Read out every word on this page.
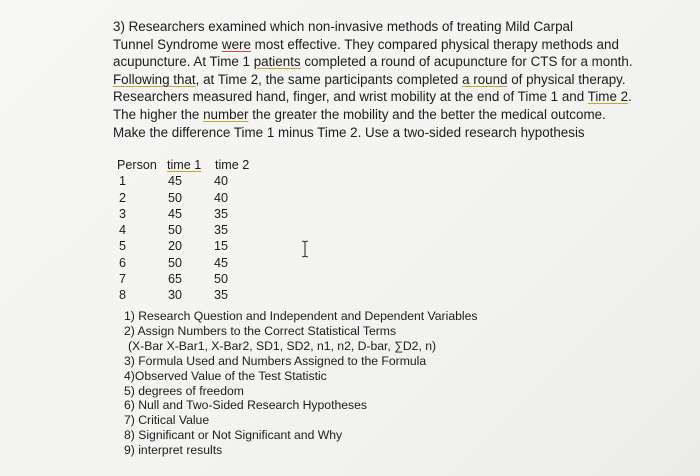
3) Researchers examined which non-invasive methods of treating Mild Carpal
Tunnel Syndrome were most effective. They compared physical therapy methods and
acupuncture. At Time 1 patients completed a round of acupuncture for CTS for a month.
Following that, at Time 2, the same participants completed a round of physical therapy.
Researchers measured hand, finger, and wrist mobility at the end of Time 1 and Time 2.
The higher the number the greater the mobility and the better the medical outcome.
Make the difference Time 1 minus Time 2. Use a two-sided research hypothesis
Person time 1 time 2
1	45	40
2	50	40
3	45	35
4	50	35
5	20	15
6	50	45
7	65	50
8	30	35
1) Research Question and Independent and Dependent Variables
2) Assign Numbers to the Correct Statistical Terms
(X-Bar X-Bar1, X-Bar2, SD1, SD2, n1, n2, D-bar, ∑D2, n)
3) Formula Used and Numbers Assigned to the Formula
4)Observed Value of the Test Statistic
5) degrees of freedom
6) Null and Two-Sided Research Hypotheses
7) Critical Value
8) Significant or Not Significant and Why
9) interpret results
